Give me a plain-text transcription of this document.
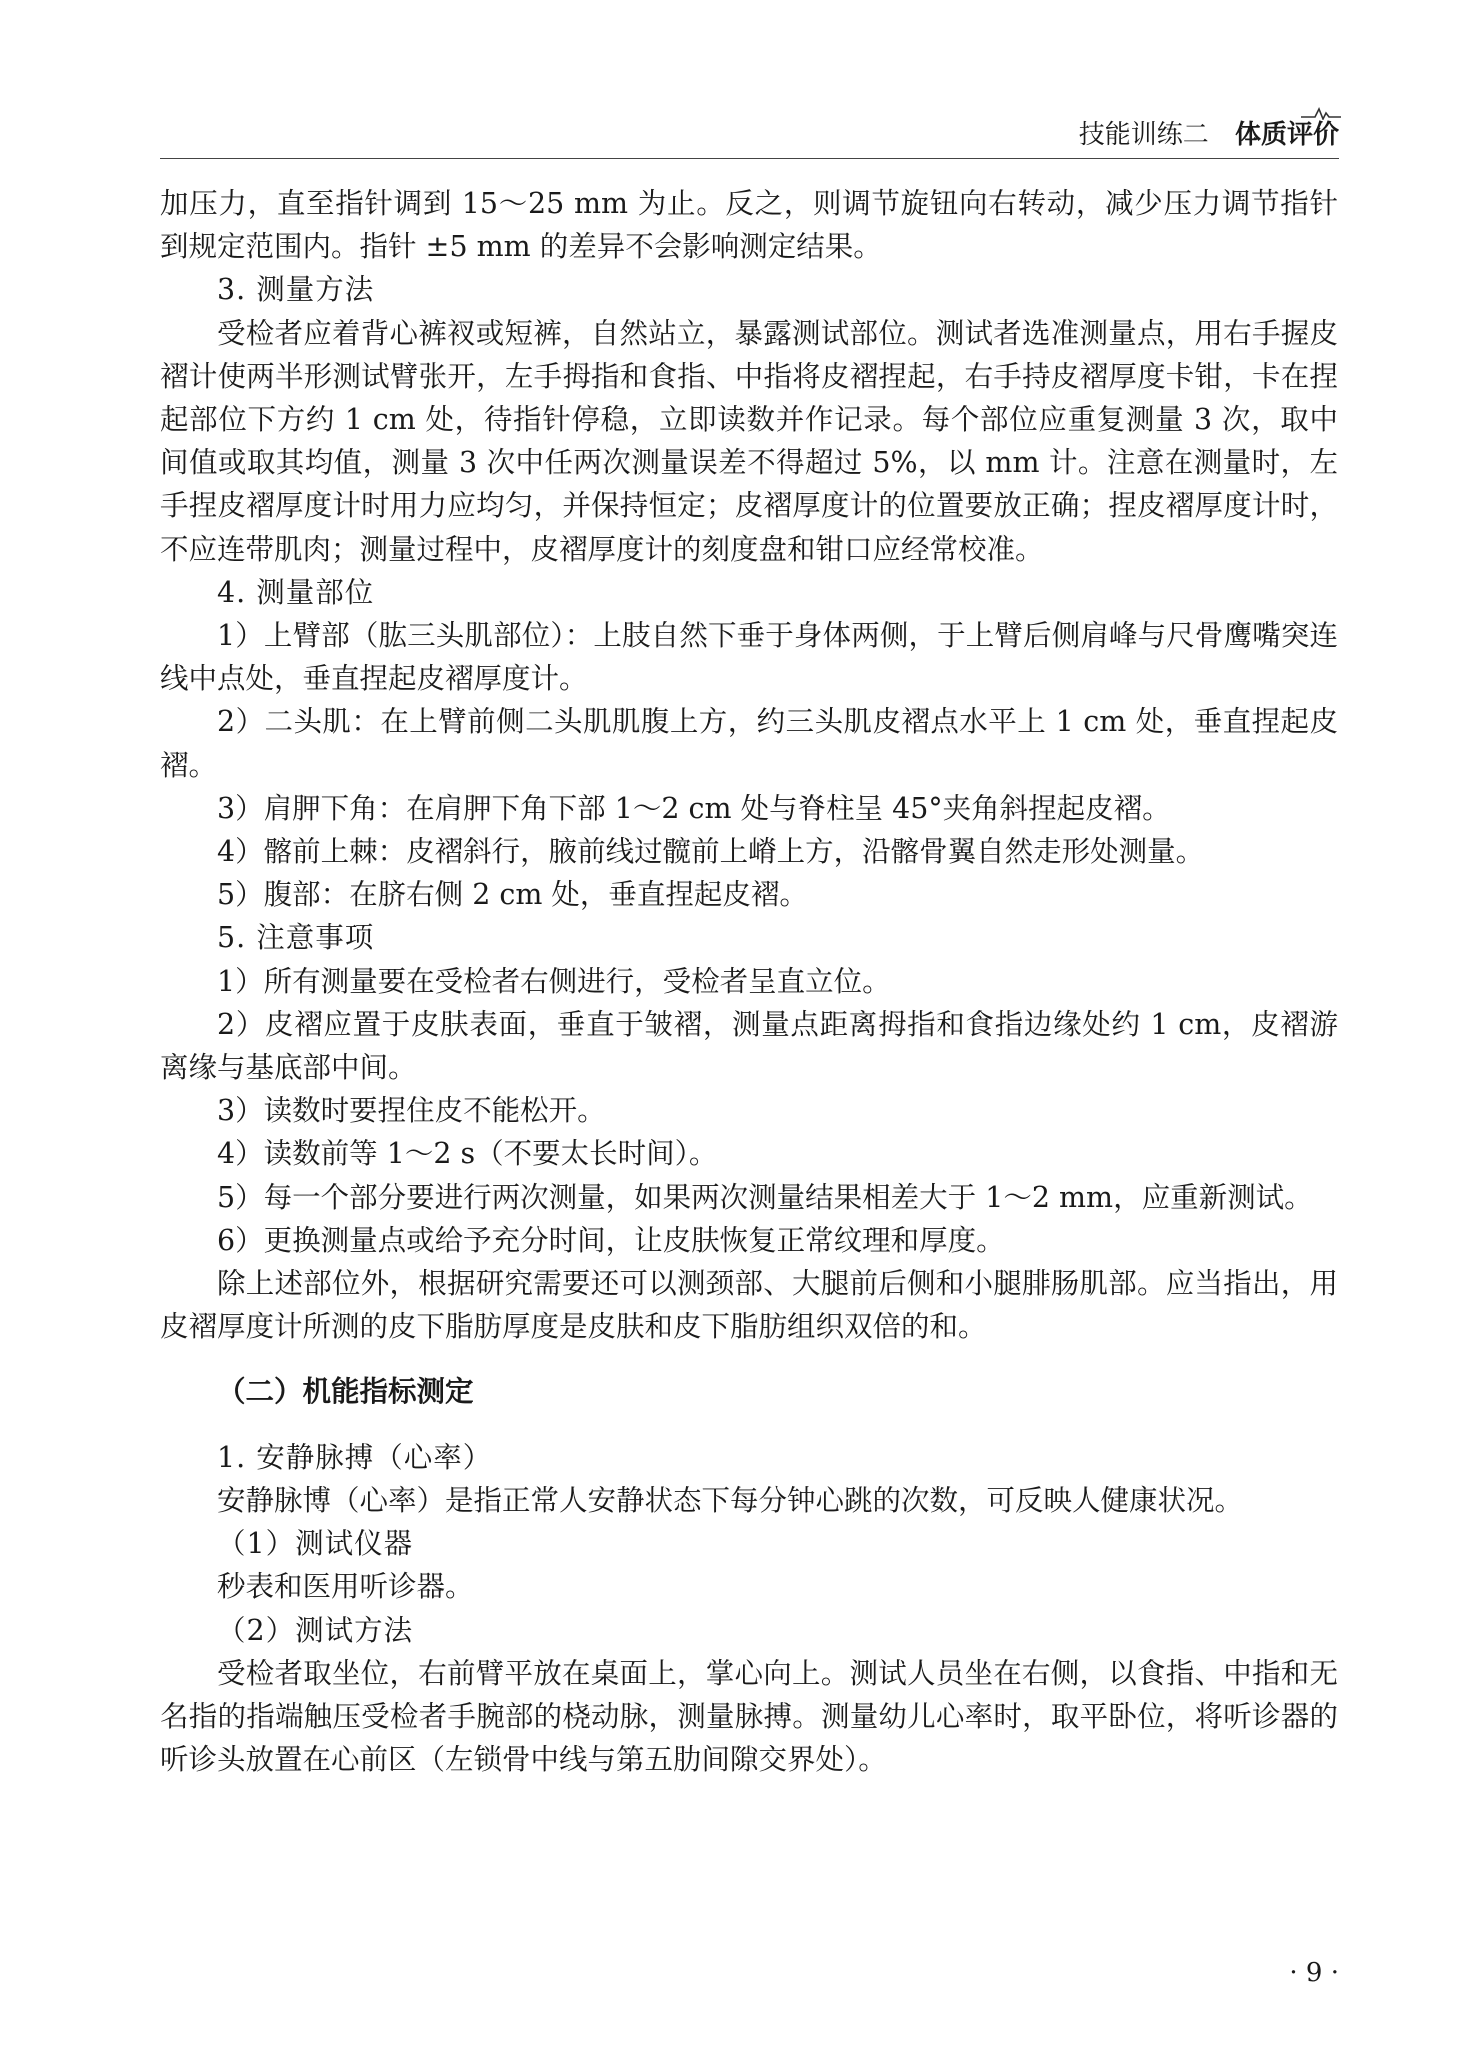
技能训练二 体质评价

加压力，直至指针调到 15～25 mm 为止。反之，则调节旋钮向右转动，减少压力调节指针到规定范围内。指针 ±5 mm 的差异不会影响测定结果。

3. 测量方法

受检者应着背心裤衩或短裤，自然站立，暴露测试部位。测试者选准测量点，用右手握皮褶计使两半形测试臂张开，左手拇指和食指、中指将皮褶捏起，右手持皮褶厚度卡钳，卡在捏起部位下方约 1 cm 处，待指针停稳，立即读数并作记录。每个部位应重复测量 3 次，取中间值或取其均值，测量 3 次中任两次测量误差不得超过 5%，以 mm 计。注意在测量时，左手捏皮褶厚度计时用力应均匀，并保持恒定；皮褶厚度计的位置要放正确；捏皮褶厚度计时，不应连带肌肉；测量过程中，皮褶厚度计的刻度盘和钳口应经常校准。

4. 测量部位

1）上臂部（肱三头肌部位）：上肢自然下垂于身体两侧，于上臂后侧肩峰与尺骨鹰嘴突连线中点处，垂直捏起皮褶厚度计。

2）二头肌：在上臂前侧二头肌肌腹上方，约三头肌皮褶点水平上 1 cm 处，垂直捏起皮褶。

3）肩胛下角：在肩胛下角下部 1～2 cm 处与脊柱呈 45°夹角斜捏起皮褶。

4）髂前上棘：皮褶斜行，腋前线过髋前上嵴上方，沿髂骨翼自然走形处测量。

5）腹部：在脐右侧 2 cm 处，垂直捏起皮褶。

5. 注意事项

1）所有测量要在受检者右侧进行，受检者呈直立位。

2）皮褶应置于皮肤表面，垂直于皱褶，测量点距离拇指和食指边缘处约 1 cm，皮褶游离缘与基底部中间。

3）读数时要捏住皮不能松开。

4）读数前等 1～2 s（不要太长时间）。

5）每一个部分要进行两次测量，如果两次测量结果相差大于 1～2 mm，应重新测试。

6）更换测量点或给予充分时间，让皮肤恢复正常纹理和厚度。

除上述部位外，根据研究需要还可以测颈部、大腿前后侧和小腿腓肠肌部。应当指出，用皮褶厚度计所测的皮下脂肪厚度是皮肤和皮下脂肪组织双倍的和。

（二）机能指标测定

1. 安静脉搏（心率）

安静脉博（心率）是指正常人安静状态下每分钟心跳的次数，可反映人健康状况。

（1）测试仪器

秒表和医用听诊器。

（2）测试方法

受检者取坐位，右前臂平放在桌面上，掌心向上。测试人员坐在右侧，以食指、中指和无名指的指端触压受检者手腕部的桡动脉，测量脉搏。测量幼儿心率时，取平卧位，将听诊器的听诊头放置在心前区（左锁骨中线与第五肋间隙交界处）。

· 9 ·
